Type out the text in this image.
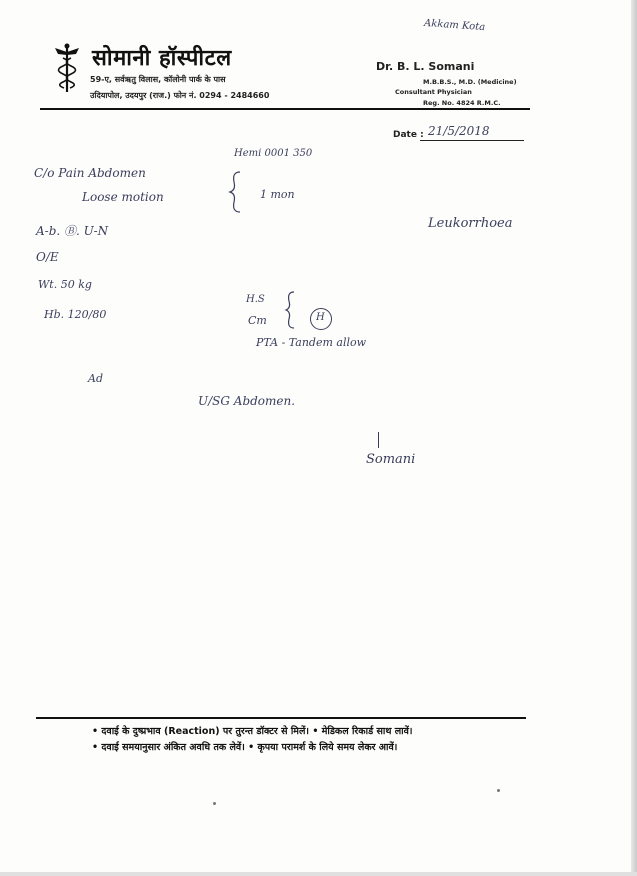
सोमानी हॉस्पीटल
59-ए, सर्वऋतु विलास, कॉलोनी पार्क के पास
उदियापोल, उदयपुर (राज.) फोन नं. 0294 - 2484660
Dr. B. L. Somani
M.B.B.S., M.D. (Medicine)
Consultant Physician
Reg. No. 4824 R.M.C.
Date : 21/5/2018
Akkam Kota
Hemi 0001 350
C/o Pain Abdomen
Loose motion	1 mon
A-b. Ⓑ. U-N	Leukorrhoea
O/E
Wt. 50 kg
Hb. 120/80
H.S
Cm	H
PTA - Tandem allow
Ad
U/SG Abdomen.
Somani
• दवाई के दुष्प्रभाव (Reaction) पर तुरन्त डॉक्टर से मिलें। • मेडिकल रिकार्ड साथ लावें।
• दवाई समयानुसार अंकित अवधि तक लेवें। • कृपया परामर्श के लिये समय लेकर आवें।
